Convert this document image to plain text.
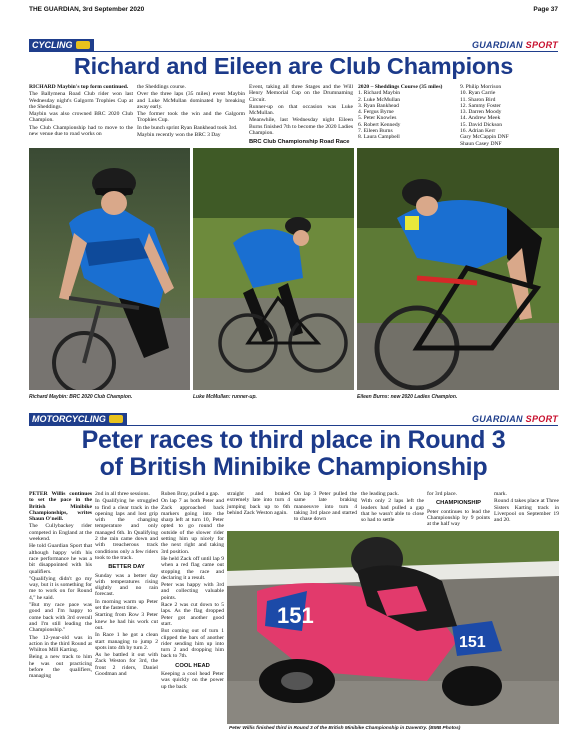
THE GUARDIAN, 3rd September 2020	Page 37
CYCLING	GUARDIAN SPORT
Richard and Eileen are Club Champions

RICHARD Maybin's top form continued.

The Ballymena Road Club rider won last Wednesday night's Galgorm Trophies Cup at the Sheddings.

Maybin was also crowned BRC 2020 Club Champion.

The Club Championship had to move to the new venue due to road works on

the Sheddings course.

Over the three laps (35 miles) event Maybin and Luke McMullan dominated by breaking away early.

The former took the win and the Galgorm Trophies Cup.

In the bunch sprint Ryan Bankhead took 3rd.

Maybin recently won the BRC 3 Day

Event, taking all three Stages and the Will Henry Memorial Cup on the Drumnaming Circuit.

Runner-up on that occasion was Luke McMullan.

Meanwhile, last Wednesday night Eileen Burns finished 7th to become the 2020 Ladies Champion.

BRC Club Championship Road Race

2020 – Sheddings Course (35 miles)
1. Richard Maybin
2. Luke McMullan
3. Ryan Bankhead
4. Fergus Byrne
5. Peter Knowles
6. Robert Kennedy
7. Eileen Burns
8. Laura Campbell
9. Philip Morrison
10. Ryan Carrie
11. Sharon Bird
12. Sammy Foster
13. Darren Moody
14. Andrew Meek
15. David Dickson
16. Adrian Kerr
Gary McCappin DNF
Shaun Casey DNF
Richard Maybin: BRC 2020 Club Champion.	Luke McMullan: runner-up.	Eileen Burns: new 2020 Ladies Champion.
MOTORCYCLING	GUARDIAN SPORT
Peter races to third place in Round 3
of British Minibike Championship

PETER Willis continues to set the pace in the British Minibike Championships, writes Shaun O'neill.

The Cullybackey rider competed in England at the weekend.

He told Guardian Sport that although happy with his race performance he was a bit disappointed with his qualifiers.

"Qualifying didn't go my way, but it is something for me to work on for Round 4," he said.

"But my race pace was good and I'm happy to come back with 3rd overall and I'm still leading the Championship."

The 12-year-old was in action in the third Round at Whilton Mill Karting.

Being a new track to him he was out practicing before the qualifiers, managing

2nd in all three sessions.

In Qualifying he struggled to find a clear track in the opening laps and lost grip with the changing temperature and only managed 6th. In Qualifying 2 the rain came down and with treacherous track conditions only a few riders took to the track.

BETTER DAY

Sunday was a better day with temperatures rising slightly and no rain forecast.

In morning warm up Peter set the fastest time.

Starting from Row 3 Peter knew he had his work cut out.

In Race 1 he got a clean start managing to jump 2 spots into 4th by turn 2.

As he battled it out with Zack Weston for 3rd, the front 2 riders, Daniel Goodman and

Ruben Bray, pulled a gap.

On lap 7 as both Peter and Zack approached back markers going into the sharp left at turn 10, Peter opted to go round the outside of the slower rider setting him up nicely for the next right and taking 3rd position.

He held Zack off until lap 9 when a red flag came out stopping the race and declaring it a result.

Peter was happy with 3rd and collecting valuable points.

Race 2 was cut down to 5 laps. As the flag dropped Peter got another good start.

But coming out of turn 1 clipped the bars of another rider sending him up into turn 2 and dropping him back to 7th.

COOL HEAD

Keeping a cool head Peter was quickly on the power up the back

straight and braked extremely late into turn 4 jumping back up to 6th behind Zack Weston again.

On lap 3 Peter pulled the same late braking manoeuvre into turn 4 taking 3rd place and started to chase down

the leading pack.

With only 2 laps left the leaders had pulled a gap that he wasn't able to close so had to settle

for 3rd place.

CHAMPIONSHIP

Peter continues to lead the Championship by 9 points at the half way

mark.

Round 4 takes place at Three Sisters Karting track in Liverpool on September 19 and 20.

151
151
Peter Willis finished third in Round 3 of the British Minibike Championship in Daventry. (BMB Photos)
